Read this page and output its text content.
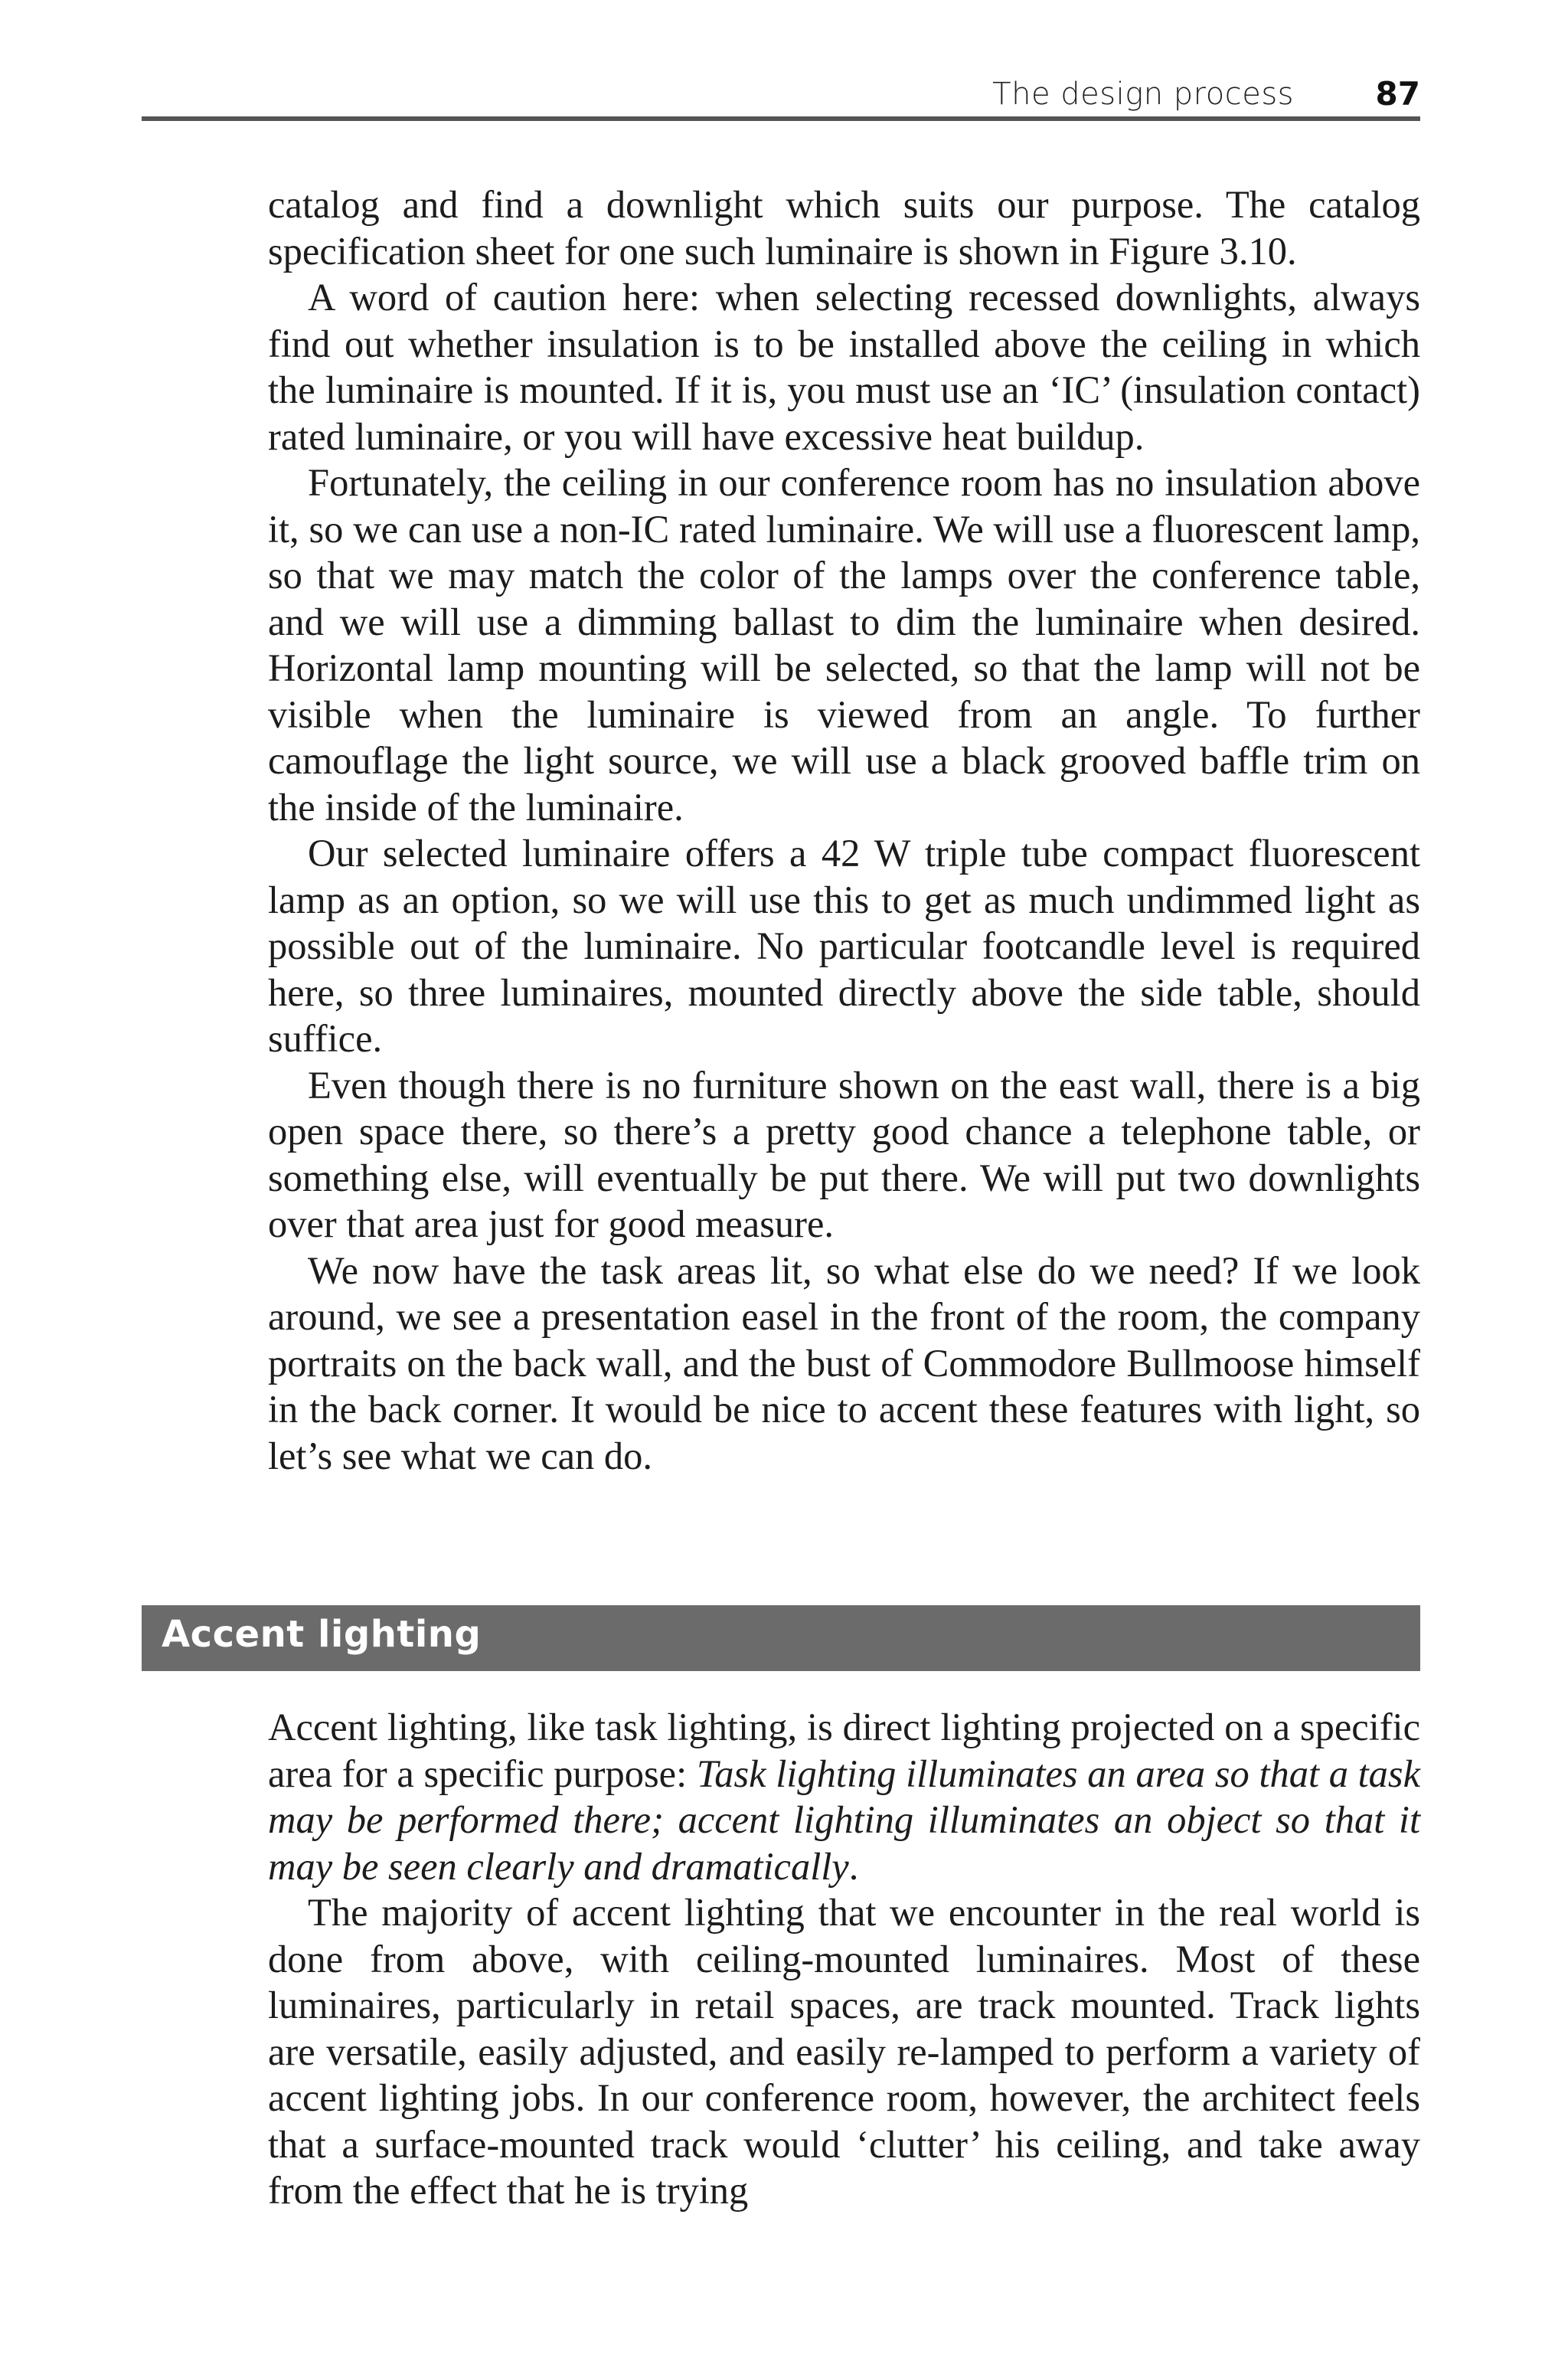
The design process	87

catalog and find a downlight which suits our purpose. The catalog specification sheet for one such luminaire is shown in Figure 3.10.

A word of caution here: when selecting recessed downlights, always find out whether insulation is to be installed above the ceiling in which the luminaire is mounted. If it is, you must use an ‘IC’ (insulation contact) rated luminaire, or you will have excessive heat buildup.

Fortunately, the ceiling in our conference room has no insulation above it, so we can use a non-IC rated luminaire. We will use a fluorescent lamp, so that we may match the color of the lamps over the conference table, and we will use a dimming ballast to dim the luminaire when desired. Horizontal lamp mounting will be selected, so that the lamp will not be visible when the luminaire is viewed from an angle. To further camouflage the light source, we will use a black grooved baffle trim on the inside of the luminaire.

Our selected luminaire offers a 42 W triple tube compact fluorescent lamp as an option, so we will use this to get as much undimmed light as possible out of the luminaire. No particular footcandle level is required here, so three luminaires, mounted directly above the side table, should suffice.

Even though there is no furniture shown on the east wall, there is a big open space there, so there’s a pretty good chance a telephone table, or something else, will eventually be put there. We will put two downlights over that area just for good measure.

We now have the task areas lit, so what else do we need? If we look around, we see a presentation easel in the front of the room, the company portraits on the back wall, and the bust of Commodore Bullmoose himself in the back corner. It would be nice to accent these features with light, so let’s see what we can do.

Accent lighting

Accent lighting, like task lighting, is direct lighting projected on a specific area for a specific purpose: Task lighting illuminates an area so that a task may be performed there; accent lighting illuminates an object so that it may be seen clearly and dramatically.

The majority of accent lighting that we encounter in the real world is done from above, with ceiling-mounted luminaires. Most of these luminaires, particularly in retail spaces, are track mounted. Track lights are versatile, easily adjusted, and easily re-lamped to perform a variety of accent lighting jobs. In our conference room, however, the architect feels that a surface-mounted track would ‘clutter’ his ceiling, and take away from the effect that he is trying
